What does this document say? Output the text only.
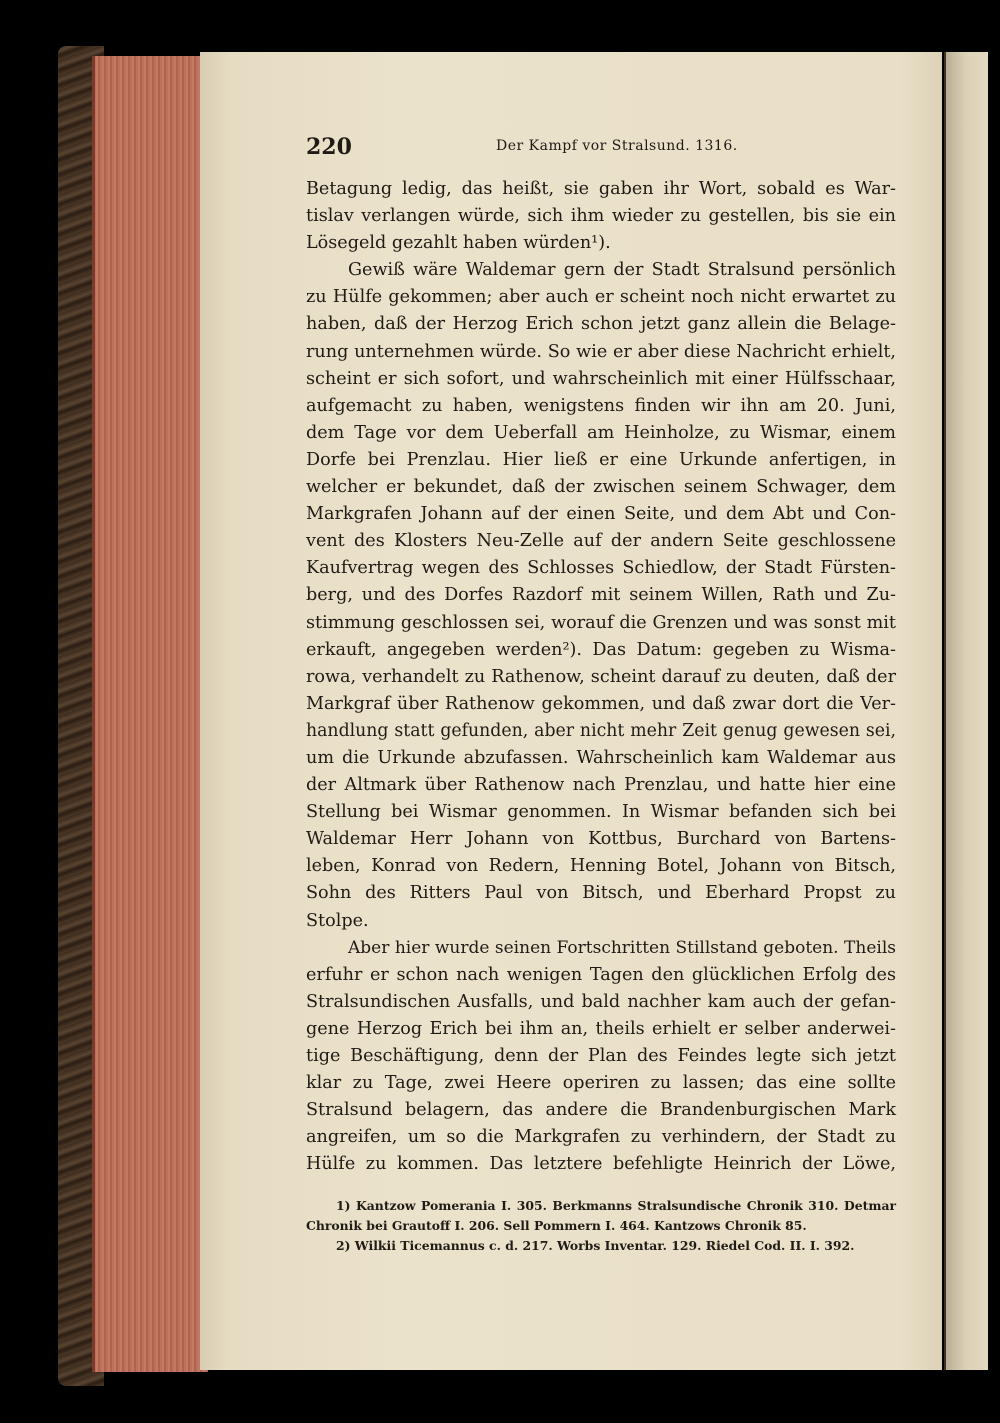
220	Der Kampf vor Stralsund. 1316.
Betagung ledig, das heißt, sie gaben ihr Wort, sobald es War-
tislav verlangen würde, sich ihm wieder zu gestellen, bis sie ein
Lösegeld gezahlt haben würden¹).
Gewiß wäre Waldemar gern der Stadt Stralsund persönlich
zu Hülfe gekommen; aber auch er scheint noch nicht erwartet zu
haben, daß der Herzog Erich schon jetzt ganz allein die Belage-
rung unternehmen würde. So wie er aber diese Nachricht erhielt,
scheint er sich sofort, und wahrscheinlich mit einer Hülfsschaar,
aufgemacht zu haben, wenigstens finden wir ihn am 20. Juni,
dem Tage vor dem Ueberfall am Heinholze, zu Wismar, einem
Dorfe bei Prenzlau. Hier ließ er eine Urkunde anfertigen, in
welcher er bekundet, daß der zwischen seinem Schwager, dem
Markgrafen Johann auf der einen Seite, und dem Abt und Con-
vent des Klosters Neu-Zelle auf der andern Seite geschlossene
Kaufvertrag wegen des Schlosses Schiedlow, der Stadt Fürsten-
berg, und des Dorfes Razdorf mit seinem Willen, Rath und Zu-
stimmung geschlossen sei, worauf die Grenzen und was sonst mit
erkauft, angegeben werden²). Das Datum: gegeben zu Wisma-
rowa, verhandelt zu Rathenow, scheint darauf zu deuten, daß der
Markgraf über Rathenow gekommen, und daß zwar dort die Ver-
handlung statt gefunden, aber nicht mehr Zeit genug gewesen sei,
um die Urkunde abzufassen. Wahrscheinlich kam Waldemar aus
der Altmark über Rathenow nach Prenzlau, und hatte hier eine
Stellung bei Wismar genommen. In Wismar befanden sich bei
Waldemar Herr Johann von Kottbus, Burchard von Bartens-
leben, Konrad von Redern, Henning Botel, Johann von Bitsch,
Sohn des Ritters Paul von Bitsch, und Eberhard Propst zu
Stolpe.
Aber hier wurde seinen Fortschritten Stillstand geboten. Theils
erfuhr er schon nach wenigen Tagen den glücklichen Erfolg des
Stralsundischen Ausfalls, und bald nachher kam auch der gefan-
gene Herzog Erich bei ihm an, theils erhielt er selber anderwei-
tige Beschäftigung, denn der Plan des Feindes legte sich jetzt
klar zu Tage, zwei Heere operiren zu lassen; das eine sollte
Stralsund belagern, das andere die Brandenburgischen Mark
angreifen, um so die Markgrafen zu verhindern, der Stadt zu
Hülfe zu kommen. Das letztere befehligte Heinrich der Löwe,
1) Kantzow Pomerania I. 305. Berkmanns Stralsundische Chronik 310. Detmar
Chronik bei Grautoff I. 206. Sell Pommern I. 464. Kantzows Chronik 85.
2) Wilkii Ticemannus c. d. 217. Worbs Inventar. 129. Riedel Cod. II. I. 392.
